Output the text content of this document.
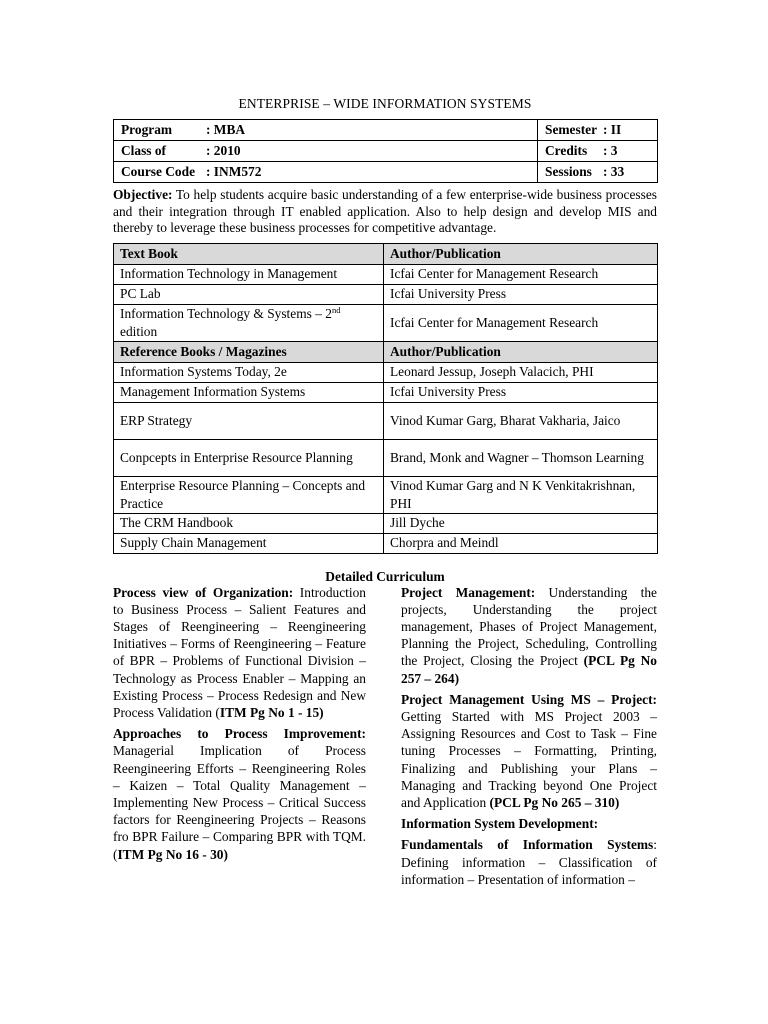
ENTERPRISE – WIDE INFORMATION SYSTEMS
Program : MBA	Semester : II
Class of : 2010	Credits : 3
Course Code : INM572	Sessions : 33
Objective: To help students acquire basic understanding of a few enterprise-wide business processes and their integration through IT enabled application. Also to help design and develop MIS and thereby to leverage these business processes for competitive advantage.
Text Book	Author/Publication
Information Technology in Management	Icfai Center for Management Research
PC Lab	Icfai University Press
Information Technology & Systems – 2nd
edition	Icfai Center for Management Research
Reference Books / Magazines	Author/Publication
Information Systems Today, 2e	Leonard Jessup, Joseph Valacich, PHI
Management Information Systems	Icfai University Press
ERP Strategy	Vinod Kumar Garg, Bharat Vakharia, Jaico
Conpcepts in Enterprise Resource Planning	Brand, Monk and Wagner – Thomson Learning
Enterprise Resource Planning – Concepts and Practice	Vinod Kumar Garg and N K Venkitakrishnan, PHI
The CRM Handbook	Jill Dyche
Supply Chain Management	Chorpra and Meindl
Detailed Curriculum

Process view of Organization: Introduction to Business Process – Salient Features and Stages of Reengineering – Reengineering Initiatives – Forms of Reengineering – Feature of BPR – Problems of Functional Division – Technology as Process Enabler – Mapping an Existing Process – Process Redesign and New Process Validation (ITM Pg No 1 - 15)

Approaches to Process Improvement: Managerial Implication of Process Reengineering Efforts – Reengineering Roles – Kaizen – Total Quality Management – Implementing New Process – Critical Success factors for Reengineering Projects – Reasons fro BPR Failure – Comparing BPR with TQM. (ITM Pg No 16 - 30)

Project Management: Understanding the projects, Understanding the project management, Phases of Project Management, Planning the Project, Scheduling, Controlling the Project, Closing the Project (PCL Pg No 257 – 264)

Project Management Using MS – Project: Getting Started with MS Project 2003 – Assigning Resources and Cost to Task – Fine tuning Processes – Formatting, Printing, Finalizing and Publishing your Plans – Managing and Tracking beyond One Project and Application (PCL Pg No 265 – 310)

Information System Development:

Fundamentals of Information Systems: Defining information – Classification of information – Presentation of information –
